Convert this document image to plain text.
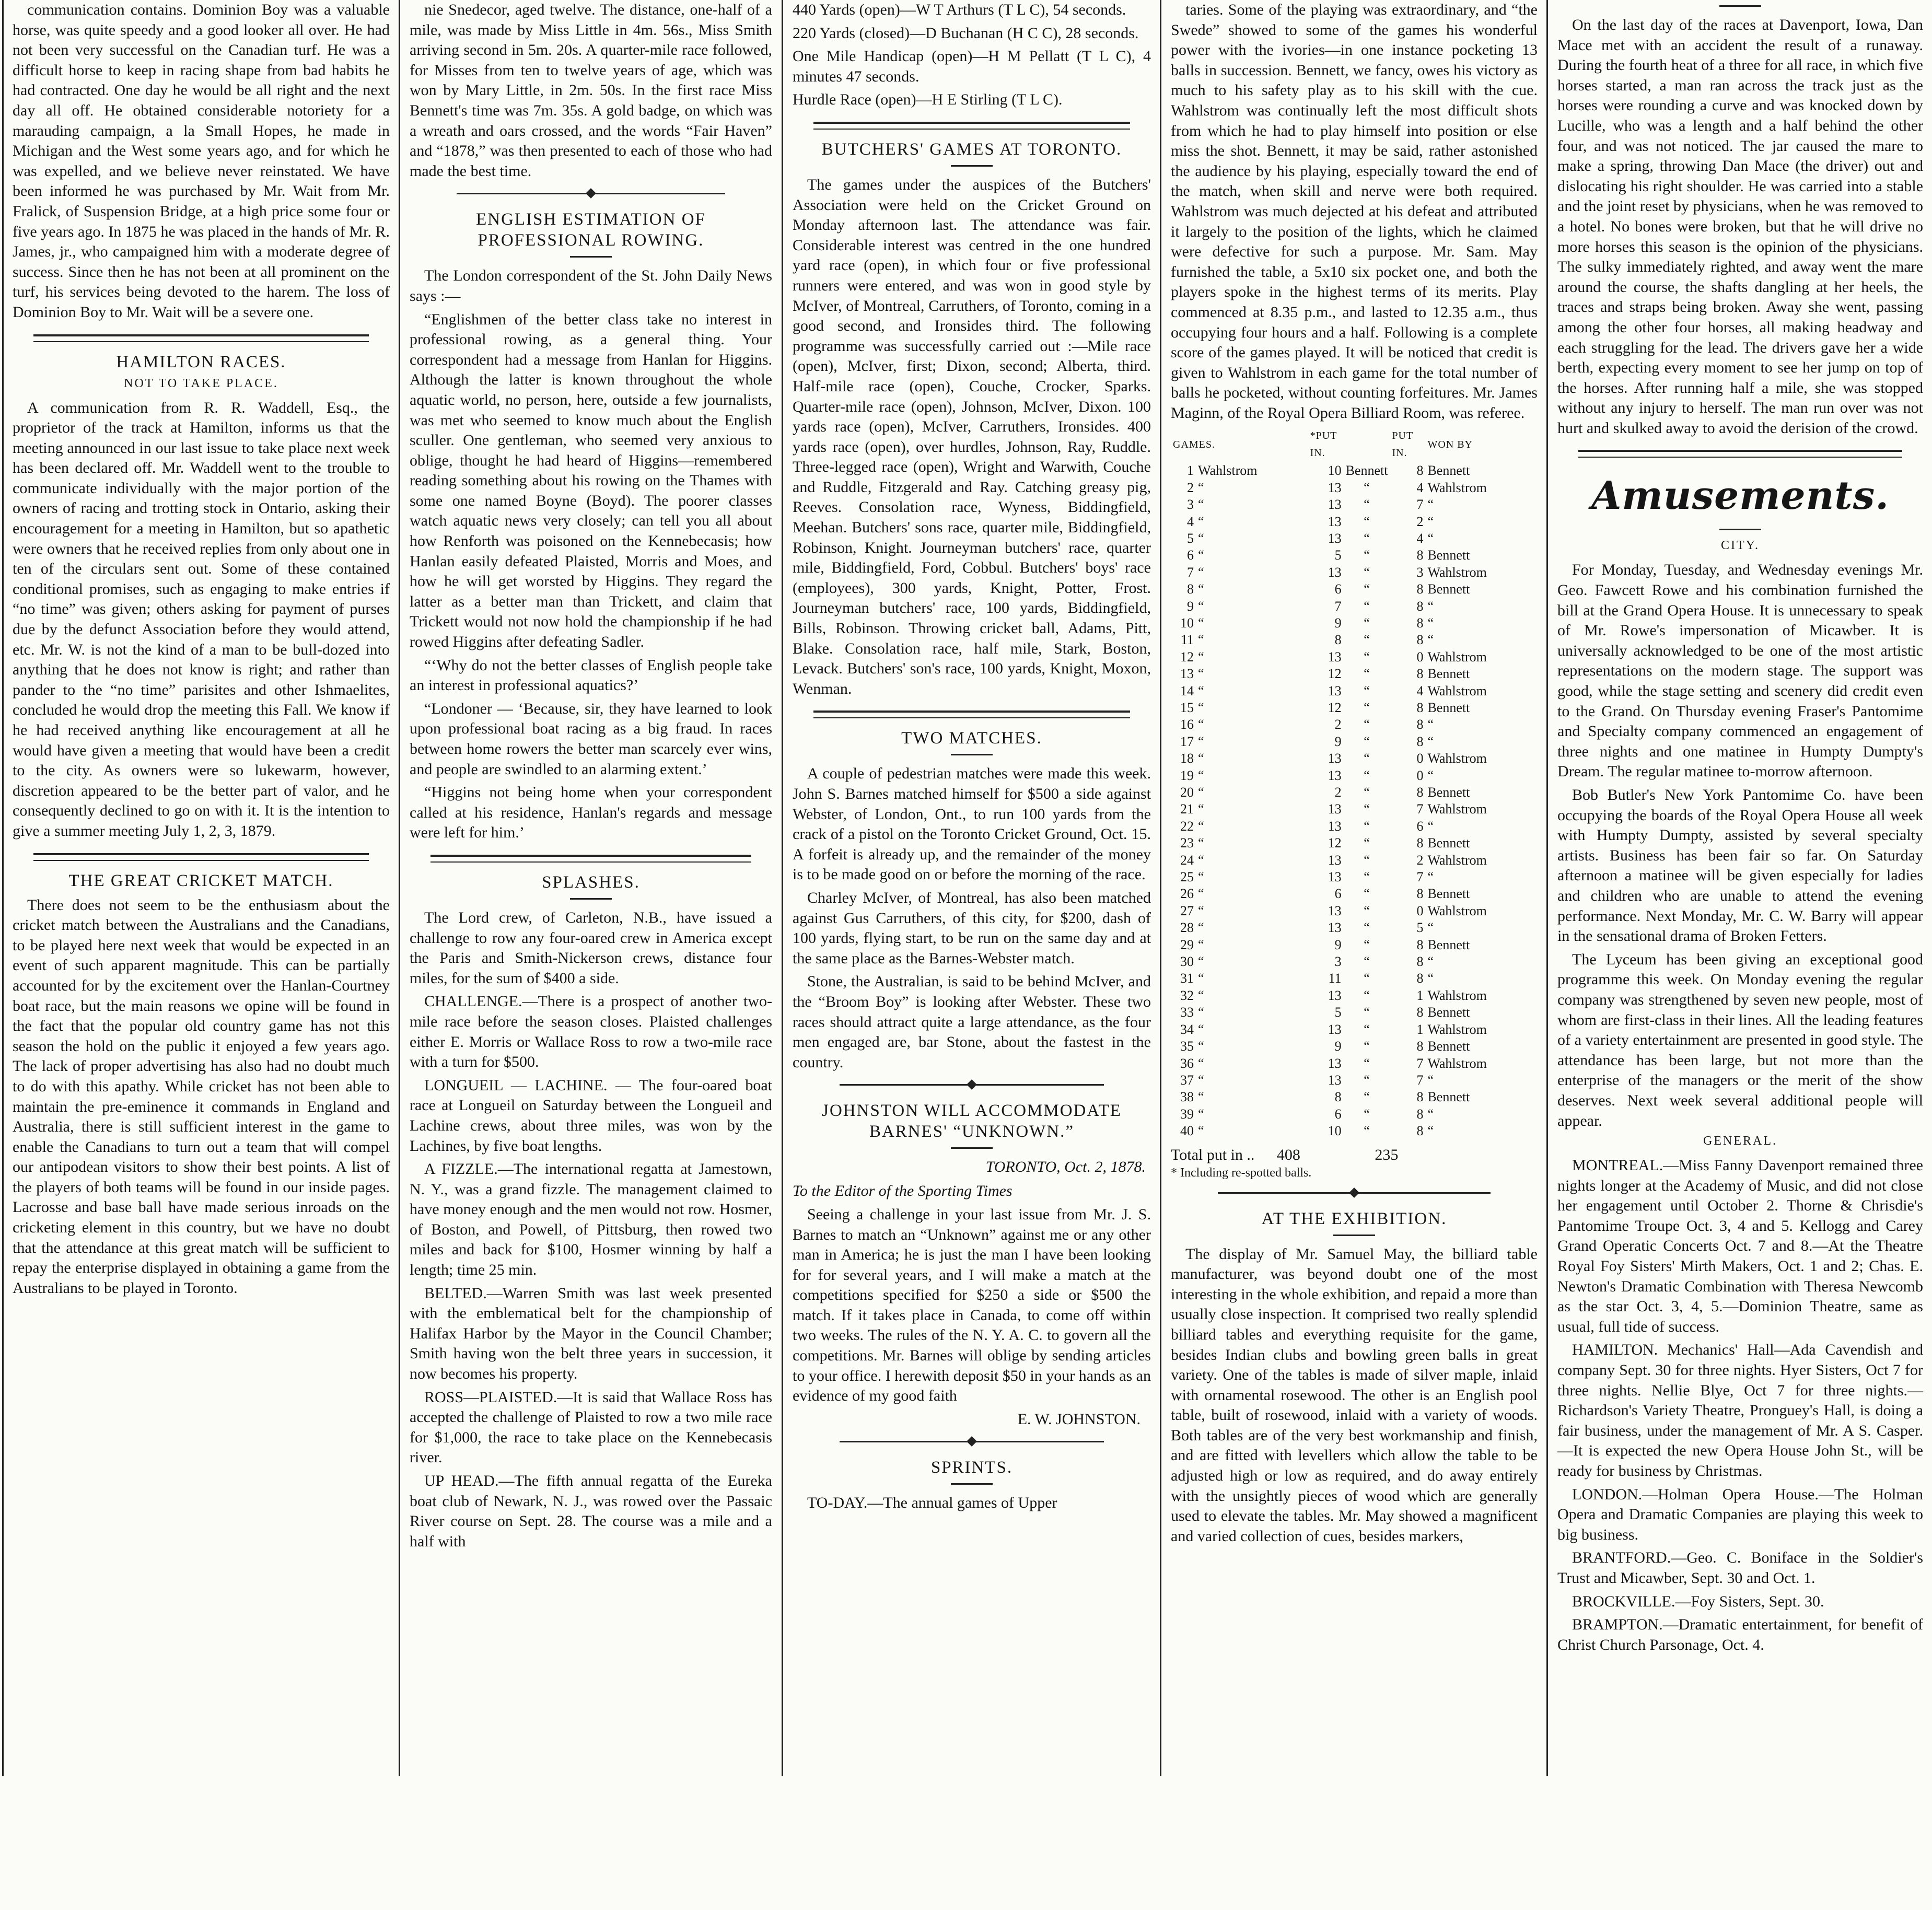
communication contains. Dominion Boy was a valuable horse, was quite speedy and a good looker all over. He had not been very successful on the Canadian turf. He was a difficult horse to keep in racing shape from bad habits he had contracted. One day he would be all right and the next day all off. He obtained considerable notoriety for a marauding campaign, a la Small Hopes, he made in Michigan and the West some years ago, and for which he was expelled, and we believe never reinstated. We have been informed he was purchased by Mr. Wait from Mr. Fralick, of Suspension Bridge, at a high price some four or five years ago. In 1875 he was placed in the hands of Mr. R. James, jr., who campaigned him with a moderate degree of success. Since then he has not been at all prominent on the turf, his services being devoted to the harem. The loss of Dominion Boy to Mr. Wait will be a severe one.

HAMILTON RACES.
NOT TO TAKE PLACE.

A communication from R. R. Waddell, Esq., the proprietor of the track at Hamilton, informs us that the meeting announced in our last issue to take place next week has been declared off. Mr. Waddell went to the trouble to communicate individually with the major portion of the owners of racing and trotting stock in Ontario, asking their encouragement for a meeting in Hamilton, but so apathetic were owners that he received replies from only about one in ten of the circulars sent out. Some of these contained conditional promises, such as engaging to make entries if “no time” was given; others asking for payment of purses due by the defunct Association before they would attend, etc. Mr. W. is not the kind of a man to be bull-dozed into anything that he does not know is right; and rather than pander to the “no time” parisites and other Ishmaelites, concluded he would drop the meeting this Fall. We know if he had received anything like encouragement at all he would have given a meeting that would have been a credit to the city. As owners were so lukewarm, however, discretion appeared to be the better part of valor, and he consequently declined to go on with it. It is the intention to give a summer meeting July 1, 2, 3, 1879.

THE GREAT CRICKET MATCH.

There does not seem to be the enthusiasm about the cricket match between the Australians and the Canadians, to be played here next week that would be expected in an event of such apparent magnitude. This can be partially accounted for by the excitement over the Hanlan-Courtney boat race, but the main reasons we opine will be found in the fact that the popular old country game has not this season the hold on the public it enjoyed a few years ago. The lack of proper advertising has also had no doubt much to do with this apathy. While cricket has not been able to maintain the pre-eminence it commands in England and Australia, there is still sufficient interest in the game to enable the Canadians to turn out a team that will compel our antipodean visitors to show their best points. A list of the players of both teams will be found in our inside pages. Lacrosse and base ball have made serious inroads on the cricketing element in this country, but we have no doubt that the attendance at this great match will be sufficient to repay the enterprise displayed in obtaining a game from the Australians to be played in Toronto.

nie Snedecor, aged twelve. The distance, one-half of a mile, was made by Miss Little in 4m. 56s., Miss Smith arriving second in 5m. 20s. A quarter-mile race followed, for Misses from ten to twelve years of age, which was won by Mary Little, in 2m. 50s. In the first race Miss Bennett's time was 7m. 35s. A gold badge, on which was a wreath and oars crossed, and the words “Fair Haven” and “1878,” was then presented to each of those who had made the best time.

ENGLISH ESTIMATION OF PROFESSIONAL ROWING.

The London correspondent of the St. John Daily News says :—

“Englishmen of the better class take no interest in professional rowing, as a general thing. Your correspondent had a message from Hanlan for Higgins. Although the latter is known throughout the whole aquatic world, no person, here, outside a few journalists, was met who seemed to know much about the English sculler. One gentleman, who seemed very anxious to oblige, thought he had heard of Higgins—remembered reading something about his rowing on the Thames with some one named Boyne (Boyd). The poorer classes watch aquatic news very closely; can tell you all about how Renforth was poisoned on the Kennebecasis; how Hanlan easily defeated Plaisted, Morris and Moes, and how he will get worsted by Higgins. They regard the latter as a better man than Trickett, and claim that Trickett would not now hold the championship if he had rowed Higgins after defeating Sadler.

“‘Why do not the better classes of English people take an interest in professional aquatics?’

“Londoner — ‘Because, sir, they have learned to look upon professional boat racing as a big fraud. In races between home rowers the better man scarcely ever wins, and people are swindled to an alarming extent.’

“Higgins not being home when your correspondent called at his residence, Hanlan's regards and message were left for him.’

SPLASHES.

The Lord crew, of Carleton, N.B., have issued a challenge to row any four-oared crew in America except the Paris and Smith-Nickerson crews, distance four miles, for the sum of $400 a side.

CHALLENGE.—There is a prospect of another two-mile race before the season closes. Plaisted challenges either E. Morris or Wallace Ross to row a two-mile race with a turn for $500.

LONGUEIL — LACHINE. — The four-oared boat race at Longueil on Saturday between the Longueil and Lachine crews, about three miles, was won by the Lachines, by five boat lengths.

A FIZZLE.—The international regatta at Jamestown, N. Y., was a grand fizzle. The management claimed to have money enough and the men would not row. Hosmer, of Boston, and Powell, of Pittsburg, then rowed two miles and back for $100, Hosmer winning by half a length; time 25 min.

BELTED.—Warren Smith was last week presented with the emblematical belt for the championship of Halifax Harbor by the Mayor in the Council Chamber; Smith having won the belt three years in succession, it now becomes his property.

ROSS—PLAISTED.—It is said that Wallace Ross has accepted the challenge of Plaisted to row a two mile race for $1,000, the race to take place on the Kennebecasis river.

UP HEAD.—The fifth annual regatta of the Eureka boat club of Newark, N. J., was rowed over the Passaic River course on Sept. 28. The course was a mile and a half with

440 Yards (open)—W T Arthurs (T L C), 54 seconds.

220 Yards (closed)—D Buchanan (H C C), 28 seconds.

One Mile Handicap (open)—H M Pellatt (T L C), 4 minutes 47 seconds.

Hurdle Race (open)—H E Stirling (T L C).

BUTCHERS' GAMES AT TORONTO.

The games under the auspices of the Butchers' Association were held on the Cricket Ground on Monday afternoon last. The attendance was fair. Considerable interest was centred in the one hundred yard race (open), in which four or five professional runners were entered, and was won in good style by McIver, of Montreal, Carruthers, of Toronto, coming in a good second, and Ironsides third. The following programme was successfully carried out :—Mile race (open), McIver, first; Dixon, second; Alberta, third. Half-mile race (open), Couche, Crocker, Sparks. Quarter-mile race (open), Johnson, McIver, Dixon. 100 yards race (open), McIver, Carruthers, Ironsides. 400 yards race (open), over hurdles, Johnson, Ray, Ruddle. Three-legged race (open), Wright and Warwith, Couche and Ruddle, Fitzgerald and Ray. Catching greasy pig, Reeves. Consolation race, Wyness, Biddingfield, Meehan. Butchers' sons race, quarter mile, Biddingfield, Robinson, Knight. Journeyman butchers' race, quarter mile, Biddingfield, Ford, Cobbul. Butchers' boys' race (employees), 300 yards, Knight, Potter, Frost. Journeyman butchers' race, 100 yards, Biddingfield, Bills, Robinson. Throwing cricket ball, Adams, Pitt, Blake. Consolation race, half mile, Stark, Boston, Levack. Butchers' son's race, 100 yards, Knight, Moxon, Wenman.

TWO MATCHES.

A couple of pedestrian matches were made this week. John S. Barnes matched himself for $500 a side against Webster, of London, Ont., to run 100 yards from the crack of a pistol on the Toronto Cricket Ground, Oct. 15. A forfeit is already up, and the remainder of the money is to be made good on or before the morning of the race.

Charley McIver, of Montreal, has also been matched against Gus Carruthers, of this city, for $200, dash of 100 yards, flying start, to be run on the same day and at the same place as the Barnes-Webster match.

Stone, the Australian, is said to be behind McIver, and the “Broom Boy” is looking after Webster. These two races should attract quite a large attendance, as the four men engaged are, bar Stone, about the fastest in the country.

JOHNSTON WILL ACCOMMODATE BARNES' “UNKNOWN.”
TORONTO, Oct. 2, 1878.

To the Editor of the Sporting Times

Seeing a challenge in your last issue from Mr. J. S. Barnes to match an “Unknown” against me or any other man in America; he is just the man I have been looking for for several years, and I will make a match at the competitions specified for $250 a side or $500 the match. If it takes place in Canada, to come off within two weeks. The rules of the N. Y. A. C. to govern all the competitions. Mr. Barnes will oblige by sending articles to your office. I herewith deposit $50 in your hands as an evidence of my good faith

E. W. JOHNSTON.
SPRINTS.

TO-DAY.—The annual games of Upper

taries. Some of the playing was extraordinary, and “the Swede” showed to some of the games his wonderful power with the ivories—in one instance pocketing 13 balls in succession. Bennett, we fancy, owes his victory as much to his safety play as to his skill with the cue. Wahlstrom was continually left the most difficult shots from which he had to play himself into position or else miss the shot. Bennett, it may be said, rather astonished the audience by his playing, especially toward the end of the match, when skill and nerve were both required. Wahlstrom was much dejected at his defeat and attributed it largely to the position of the lights, which he claimed were defective for such a purpose. Mr. Sam. May furnished the table, a 5x10 six pocket one, and both the players spoke in the highest terms of its merits. Play commenced at 8.35 p.m., and lasted to 12.35 a.m., thus occupying four hours and a half. Following is a complete score of the games played. It will be noticed that credit is given to Wahlstrom in each game for the total number of balls he pocketed, without counting forfeitures. Mr. James Maginn, of the Royal Opera Billiard Room, was referee.

GAMES.		*PUT IN.		PUT IN.	WON BY
1	Wahlstrom	10	Bennett	8	Bennett
2	“	13	“	4	Wahlstrom
3	“	13	“	7	“
4	“	13	“	2	“
5	“	13	“	4	“
6	“	5	“	8	Bennett
7	“	13	“	3	Wahlstrom
8	“	6	“	8	Bennett
9	“	7	“	8	“
10	“	9	“	8	“
11	“	8	“	8	“
12	“	13	“	0	Wahlstrom
13	“	12	“	8	Bennett
14	“	13	“	4	Wahlstrom
15	“	12	“	8	Bennett
16	“	2	“	8	“
17	“	9	“	8	“
18	“	13	“	0	Wahlstrom
19	“	13	“	0	“
20	“	2	“	8	Bennett
21	“	13	“	7	Wahlstrom
22	“	13	“	6	“
23	“	12	“	8	Bennett
24	“	13	“	2	Wahlstrom
25	“	13	“	7	“
26	“	6	“	8	Bennett
27	“	13	“	0	Wahlstrom
28	“	13	“	5	“
29	“	9	“	8	Bennett
30	“	3	“	8	“
31	“	11	“	8	“
32	“	13	“	1	Wahlstrom
33	“	5	“	8	Bennett
34	“	13	“	1	Wahlstrom
35	“	9	“	8	Bennett
36	“	13	“	7	Wahlstrom
37	“	13	“	7	“
38	“	8	“	8	Bennett
39	“	6	“	8	“
40	“	10	“	8	“
Total put in .. 408	235
* Including re-spotted balls.
AT THE EXHIBITION.

The display of Mr. Samuel May, the billiard table manufacturer, was beyond doubt one of the most interesting in the whole exhibition, and repaid a more than usually close inspection. It comprised two really splendid billiard tables and everything requisite for the game, besides Indian clubs and bowling green balls in great variety. One of the tables is made of silver maple, inlaid with ornamental rosewood. The other is an English pool table, built of rosewood, inlaid with a variety of woods. Both tables are of the very best workmanship and finish, and are fitted with levellers which allow the table to be adjusted high or low as required, and do away entirely with the unsightly pieces of wood which are generally used to elevate the tables. Mr. May showed a magnificent and varied collection of cues, besides markers,

On the last day of the races at Davenport, Iowa, Dan Mace met with an accident the result of a runaway. During the fourth heat of a three for all race, in which five horses started, a man ran across the track just as the horses were rounding a curve and was knocked down by Lucille, who was a length and a half behind the other four, and was not noticed. The jar caused the mare to make a spring, throwing Dan Mace (the driver) out and dislocating his right shoulder. He was carried into a stable and the joint reset by physicians, when he was removed to a hotel. No bones were broken, but that he will drive no more horses this season is the opinion of the physicians. The sulky immediately righted, and away went the mare around the course, the shafts dangling at her heels, the traces and straps being broken. Away she went, passing among the other four horses, all making headway and each struggling for the lead. The drivers gave her a wide berth, expecting every moment to see her jump on top of the horses. After running half a mile, she was stopped without any injury to herself. The man run over was not hurt and skulked away to avoid the derision of the crowd.

Amusements.
CITY.

For Monday, Tuesday, and Wednesday evenings Mr. Geo. Fawcett Rowe and his combination furnished the bill at the Grand Opera House. It is unnecessary to speak of Mr. Rowe's impersonation of Micawber. It is universally acknowledged to be one of the most artistic representations on the modern stage. The support was good, while the stage setting and scenery did credit even to the Grand. On Thursday evening Fraser's Pantomime and Specialty company commenced an engagement of three nights and one matinee in Humpty Dumpty's Dream. The regular matinee to-morrow afternoon.

Bob Butler's New York Pantomime Co. have been occupying the boards of the Royal Opera House all week with Humpty Dumpty, assisted by several specialty artists. Business has been fair so far. On Saturday afternoon a matinee will be given especially for ladies and children who are unable to attend the evening performance. Next Monday, Mr. C. W. Barry will appear in the sensational drama of Broken Fetters.

The Lyceum has been giving an exceptional good programme this week. On Monday evening the regular company was strengthened by seven new people, most of whom are first-class in their lines. All the leading features of a variety entertainment are presented in good style. The attendance has been large, but not more than the enterprise of the managers or the merit of the show deserves. Next week several additional people will appear.

GENERAL.

MONTREAL.—Miss Fanny Davenport remained three nights longer at the Academy of Music, and did not close her engagement until October 2. Thorne & Chrisdie's Pantomime Troupe Oct. 3, 4 and 5. Kellogg and Carey Grand Operatic Concerts Oct. 7 and 8.—At the Theatre Royal Foy Sisters' Mirth Makers, Oct. 1 and 2; Chas. E. Newton's Dramatic Combination with Theresa Newcomb as the star Oct. 3, 4, 5.—Dominion Theatre, same as usual, full tide of success.

HAMILTON. Mechanics' Hall—Ada Cavendish and company Sept. 30 for three nights. Hyer Sisters, Oct 7 for three nights. Nellie Blye, Oct 7 for three nights.—Richardson's Variety Theatre, Pronguey's Hall, is doing a fair business, under the management of Mr. A S. Casper.—It is expected the new Opera House John St., will be ready for business by Christmas.

LONDON.—Holman Opera House.—The Holman Opera and Dramatic Companies are playing this week to big business.

BRANTFORD.—Geo. C. Boniface in the Soldier's Trust and Micawber, Sept. 30 and Oct. 1.

BROCKVILLE.—Foy Sisters, Sept. 30.

BRAMPTON.—Dramatic entertainment, for benefit of Christ Church Parsonage, Oct. 4.
